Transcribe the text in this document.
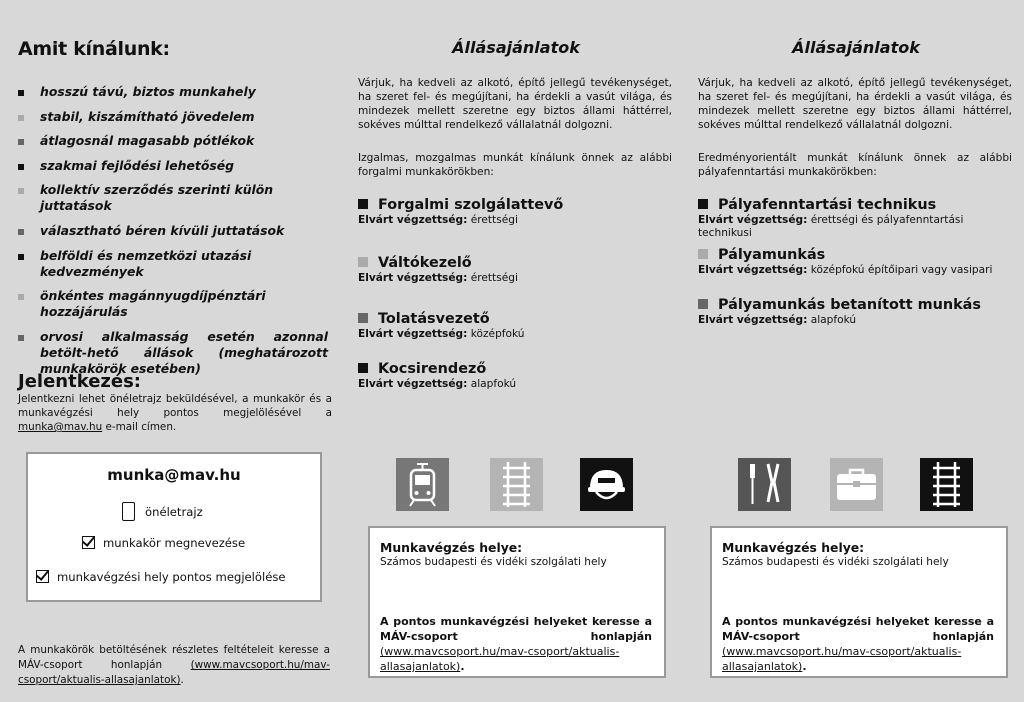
Amit kínálunk:
hosszú távú, biztos munkahely
stabil, kiszámítható jövedelem
átlagosnál magasabb pótlékok
szakmai fejlődési lehetőség
kollektív szerződés szerinti külön juttatások
választható béren kívüli juttatások
belföldi és nemzetközi utazási kedvezmények
önkéntes magánnyugdíjpénztári hozzájárulás
orvosi alkalmasság esetén azonnal betölt-hető állások (meghatározott munkakörök esetében)
Jelentkezés:
Jelentkezni lehet önéletrajz beküldésével, a munkakör és a munkavégzési hely pontos megjelölésével a munka@mav.hu e-mail címen.
munka@mav.hu
önéletrajz
munkakör megnevezése
munkavégzési hely pontos megjelölése
A munkakörök betöltésének részletes feltételeit keresse a MÁV-csoport honlapján (www.mavcsoport.hu/mav-csoport/aktualis-allasajanlatok).
Állásajánlatok
Várjuk, ha kedveli az alkotó, építő jellegű tevékenységet, ha szeret fel- és megújítani, ha érdekli a vasút világa, és mindezek mellett szeretne egy biztos állami háttérrel, sokéves múlttal rendelkező vállalatnál dolgozni.
Izgalmas, mozgalmas munkát kínálunk önnek az alábbi forgalmi munkakörökben:
Forgalmi szolgálattevő
Elvárt végzettség: érettségi
Váltókezelő
Elvárt végzettség: érettségi
Tolatásvezető
Elvárt végzettség: középfokú
Kocsirendező
Elvárt végzettség: alapfokú
Munkavégzés helye:
Számos budapesti és vidéki szolgálati hely
A pontos munkavégzési helyeket keresse a MÁV-csoport honlapján (www.mavcsoport.hu/mav-csoport/aktualis-allasajanlatok).
Állásajánlatok
Várjuk, ha kedveli az alkotó, építő jellegű tevékenységet, ha szeret fel- és megújítani, ha érdekli a vasút világa, és mindezek mellett szeretne egy biztos állami háttérrel, sokéves múlttal rendelkező vállalatnál dolgozni.
Eredményorientált munkát kínálunk önnek az alábbi pályafenntartási munkakörökben:
Pályafenntartási technikus
Elvárt végzettség: érettségi és pályafenntartási technikusi
Pályamunkás
Elvárt végzettség: középfokú építőipari vagy vasipari
Pályamunkás betanított munkás
Elvárt végzettség: alapfokú
Munkavégzés helye:
Számos budapesti és vidéki szolgálati hely
A pontos munkavégzési helyeket keresse a MÁV-csoport honlapján (www.mavcsoport.hu/mav-csoport/aktualis-allasajanlatok).
